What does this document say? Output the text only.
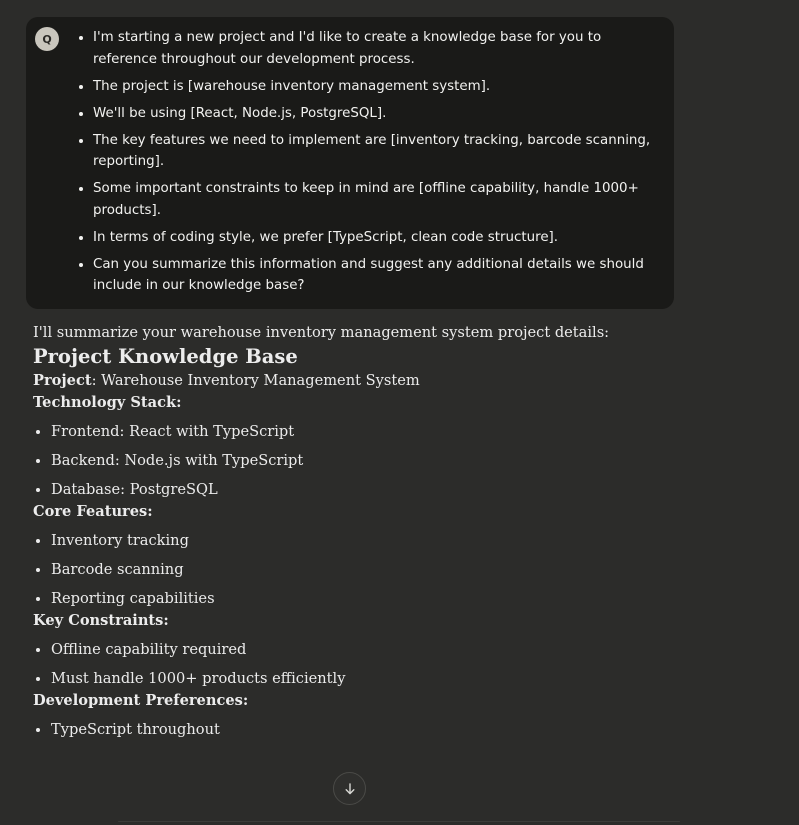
Q
•	I'm starting a new project and I'd like to create a knowledge base for you to reference throughout our development process.
• The project is [warehouse inventory management system].
• We'll be using [React, Node.js, PostgreSQL].
• The key features we need to implement are [inventory tracking, barcode scanning, reporting].
• Some important constraints to keep in mind are [offline capability, handle 1000+ products].
• In terms of coding style, we prefer [TypeScript, clean code structure].
• Can you summarize this information and suggest any additional details we should include in our knowledge base?

I'll summarize your warehouse inventory management system project details:

Project Knowledge Base

Project: Warehouse Inventory Management System

Technology Stack:

• Frontend: React with TypeScript
• Backend: Node.js with TypeScript
• Database: PostgreSQL

Core Features:

• Inventory tracking
• Barcode scanning
• Reporting capabilities

Key Constraints:

• Offline capability required
• Must handle 1000+ products efficiently

Development Preferences:

• TypeScript throughout
